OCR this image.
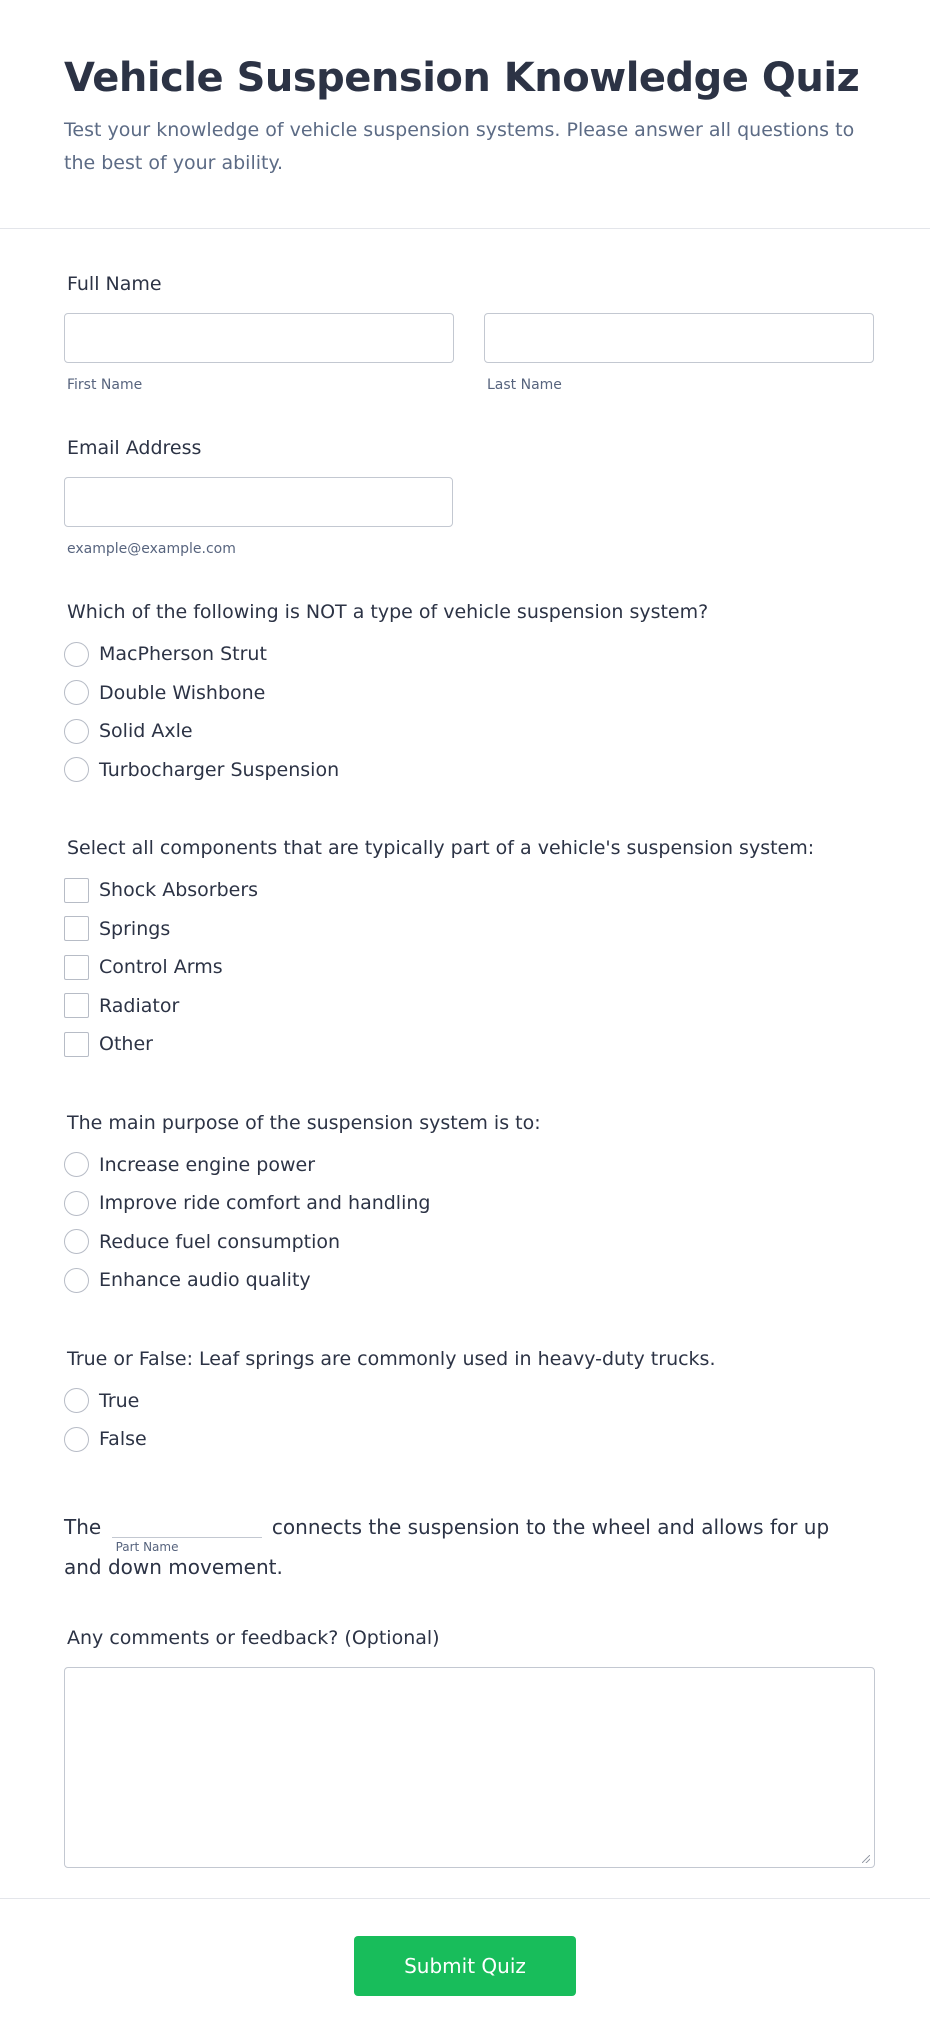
Vehicle Suspension Knowledge Quiz
Test your knowledge of vehicle suspension systems. Please answer all questions to the best of your ability.
Full Name
First Name	Last Name
Email Address
example@example.com
Which of the following is NOT a type of vehicle suspension system?
MacPherson Strut
Double Wishbone
Solid Axle
Turbocharger Suspension
Select all components that are typically part of a vehicle's suspension system:
Shock Absorbers
Springs
Control Arms
Radiator
Other
The main purpose of the suspension system is to:
Increase engine power
Improve ride comfort and handling
Reduce fuel consumption
Enhance audio quality
True or False: Leaf springs are commonly used in heavy-duty trucks.
True
False
The
Part Name
connects the suspension to the wheel and allows for up and down movement.
Any comments or feedback? (Optional)
Submit Quiz
